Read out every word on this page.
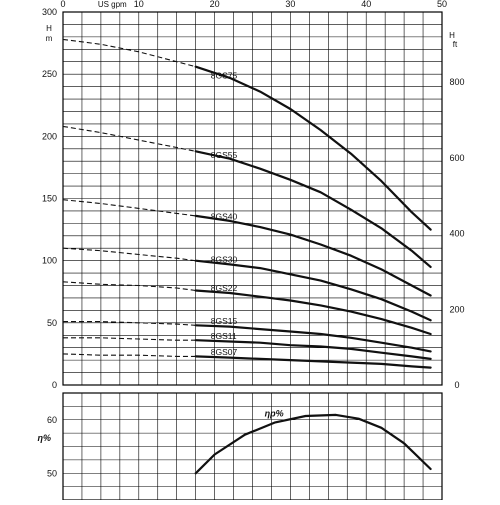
0	10	20	30	40	50
US gpm
0
50
100
150
200
250
300
H
m
0
200
400
600
800
H
ft
50
60
η%
8GS75
8GS55
8GS40
8GS30
8GS22
8GS15
8GS11
8GS07
ηp%
